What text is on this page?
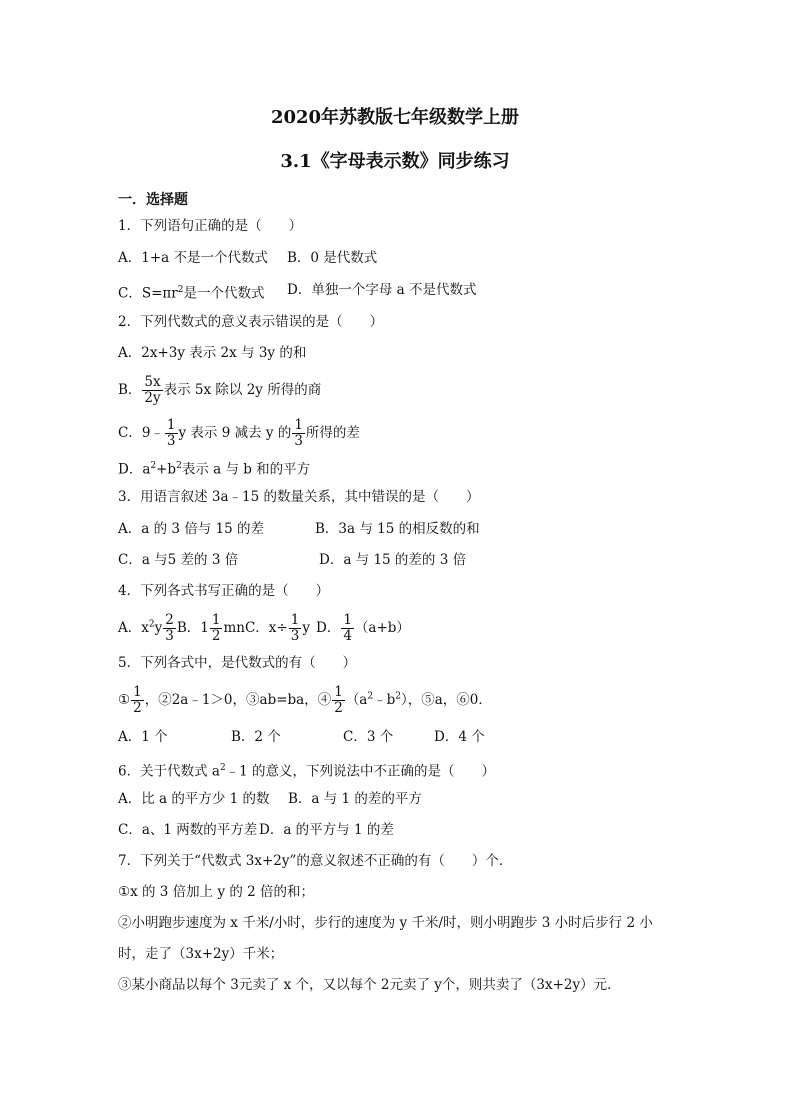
2020年苏教版七年级数学上册
3.1《字母表示数》同步练习
一．选择题
1．下列语句正确的是（　　）
A．1+a 不是一个代数式 B．0 是代数式
C．$S=\pi r^2$是一个代数式 D．单独一个字母 a 不是代数式
2．下列代数式的意义表示错误的是（　　）
A．2x+3y 表示 2x 与 3y 的和
B． $\frac{5x}{2y}$ 表示 5x 除以 2y 所得的商
C．9﹣ $\frac{1}{3}$ y 表示 9 减去 y 的 $\frac{1}{3}$ 所得的差
D．$a^2+b^2$表示 a 与 b 和的平方
3．用语言叙述 3a﹣15 的数量关系，其中错误的是（　　）
A．a 的 3 倍与 15 的差	B．3a 与 15 的相反数的和
C．a 与5 差的 3 倍	D．a 与 15 的差的 3 倍
4．下列各式书写正确的是（　　）
A．$x^2y \frac{2}{3}$ B．$1 \frac{1}{2}$ mnC．$x\div \frac{1}{3}$ y D． $\frac{1}{4} (a+b)$
5．下列各式中，是代数式的有（　　）
① $\frac{1}{2}$ ，②2a﹣1＞0，③ab=ba，④ $\frac{1}{2}$ $(a^2﹣b^2)$，⑤a，⑥0．
A．1 个	B．2 个	C．3 个	D．4 个
6．关于代数式 $a^2﹣1$ 的意义，下列说法中不正确的是（　　）
A．比 a 的平方少 1 的数 B．a 与 1 的差的平方
C．a、1 两数的平方差 D．a 的平方与 1 的差
7．下列关于“代数式 3x+2y”的意义叙述不正确的有（　　）个．
①x 的 3 倍加上 y 的 2 倍的和；
②小明跑步速度为 x 千米/小时，步行的速度为 y 千米/时，则小明跑步 3 小时后步行 2 小
时，走了（3x+2y）千米；
③某小商品以每个 3元卖了 x 个，又以每个 2元卖了 y个，则共卖了（3x+2y）元．
